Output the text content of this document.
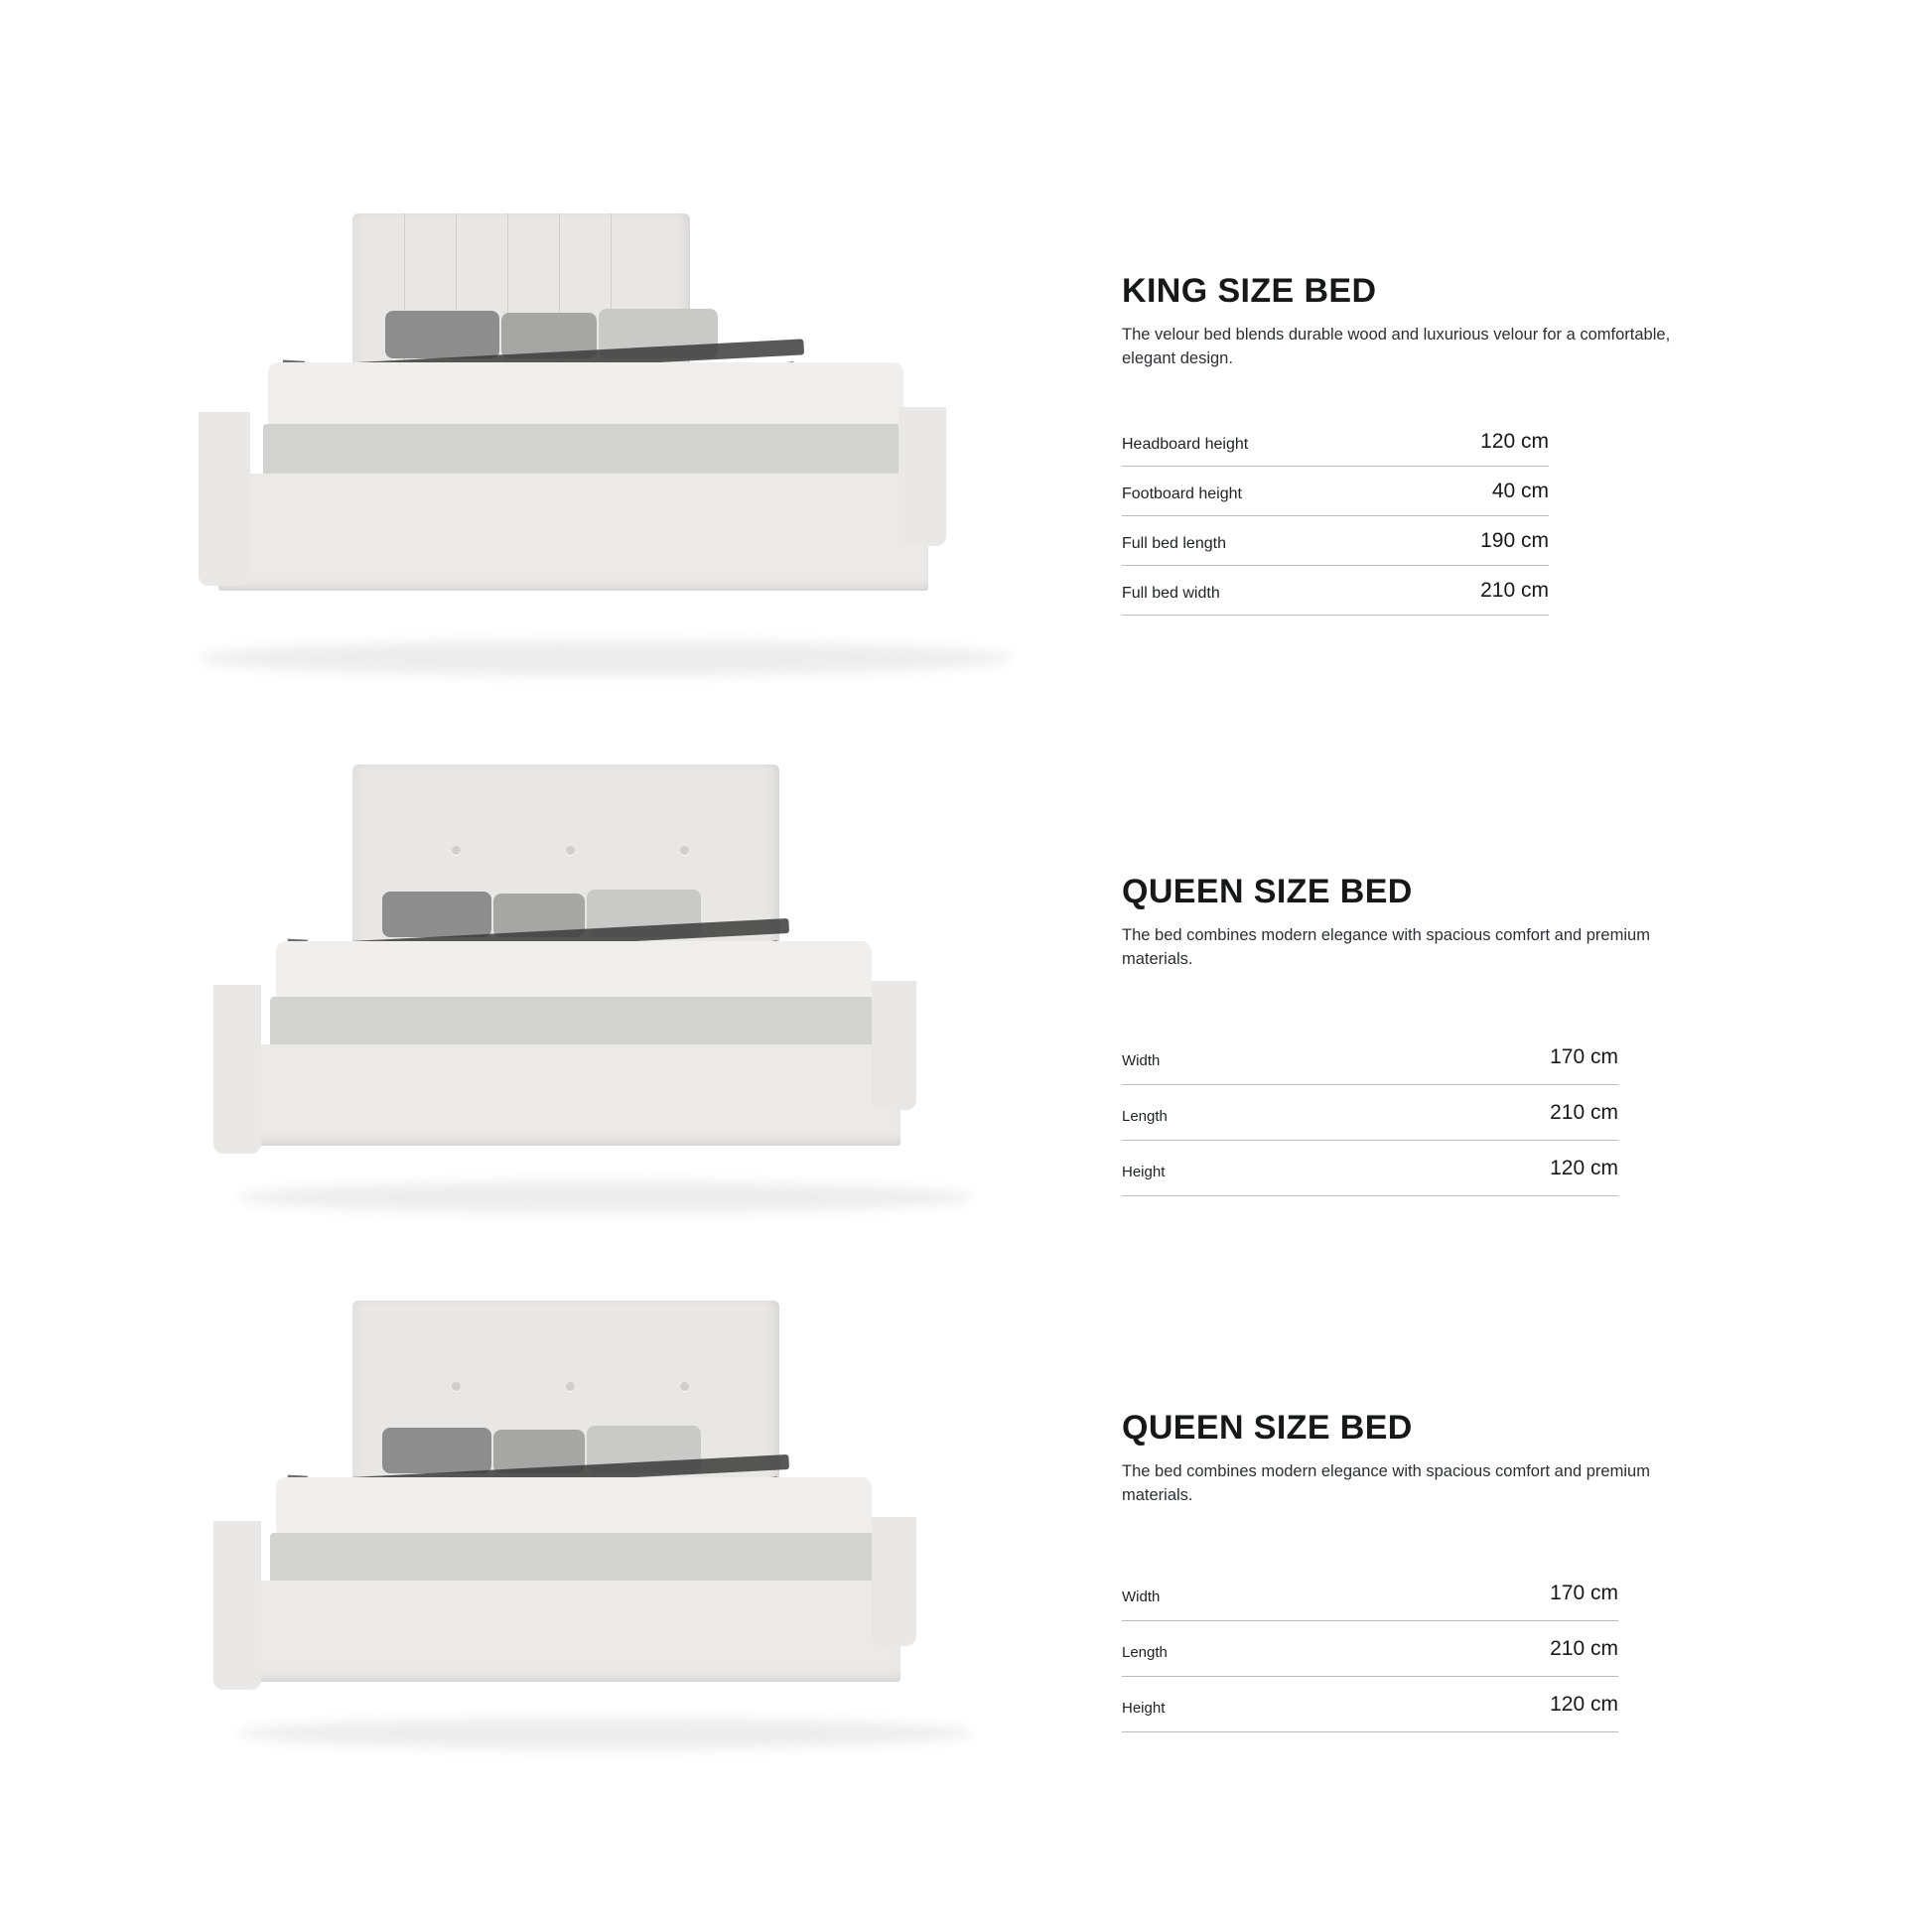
KING SIZE BED

The velour bed blends durable wood and luxurious velour for a comfortable, elegant design.

Headboard height	120 cm
Footboard height	40 cm
Full bed length	190 cm
Full bed width	210 cm
QUEEN SIZE BED

The bed combines modern elegance with spacious comfort and premium materials.

Width	170 cm
Length	210 cm
Height	120 cm
QUEEN SIZE BED

The bed combines modern elegance with spacious comfort and premium materials.

Width	170 cm
Length	210 cm
Height	120 cm
